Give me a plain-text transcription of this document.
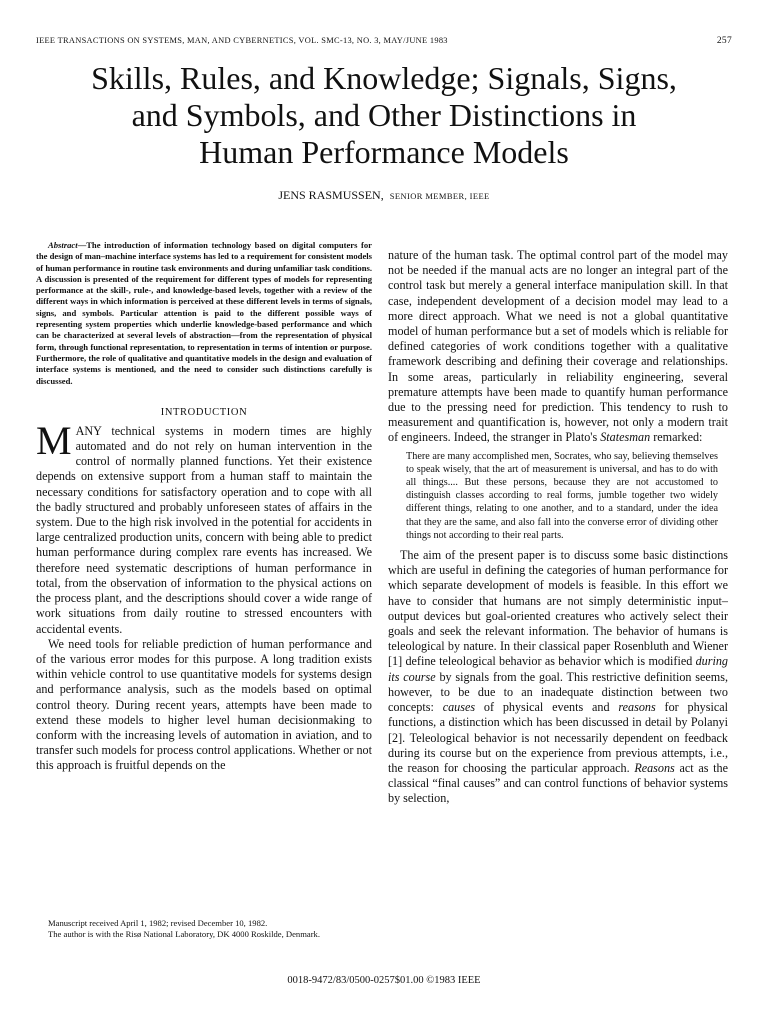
IEEE TRANSACTIONS ON SYSTEMS, MAN, AND CYBERNETICS, VOL. SMC-13, NO. 3, MAY/JUNE 1983	257
Skills, Rules, and Knowledge; Signals, Signs,
and Symbols, and Other Distinctions in
Human Performance Models
JENS RASMUSSEN, SENIOR MEMBER, IEEE

Abstract—The introduction of information technology based on digital computers for the design of man–machine interface systems has led to a requirement for consistent models of human performance in routine task environments and during unfamiliar task conditions. A discussion is presented of the requirement for different types of models for representing performance at the skill-, rule-, and knowledge-based levels, together with a review of the different ways in which information is perceived at these different levels in terms of signals, signs, and symbols. Particular attention is paid to the different possible ways of representing system properties which underlie knowledge-based performance and which can be characterized at several levels of abstraction—from the representation of physical form, through functional representation, to representation in terms of intention or purpose. Furthermore, the role of qualitative and quantitative models in the design and evaluation of interface systems is mentioned, and the need to consider such distinctions carefully is discussed.

INTRODUCTION

MANY technical systems in modern times are highly automated and do not rely on human intervention in the control of normally planned functions. Yet their existence depends on extensive support from a human staff to maintain the necessary conditions for satisfactory operation and to cope with all the badly structured and probably unforeseen states of affairs in the system. Due to the high risk involved in the potential for accidents in large centralized production units, concern with being able to predict human performance during complex rare events has increased. We therefore need systematic descriptions of human performance in total, from the observation of information to the physical actions on the process plant, and the descriptions should cover a wide range of work situations from daily routine to stressed encounters with accidental events.

We need tools for reliable prediction of human performance and of the various error modes for this purpose. A long tradition exists within vehicle control to use quantitative models for systems design and performance analysis, such as the models based on optimal control theory. During recent years, attempts have been made to extend these models to higher level human decisionmaking to conform with the increasing levels of automation in aviation, and to transfer such models for process control applications. Whether or not this approach is fruitful depends on the

nature of the human task. The optimal control part of the model may not be needed if the manual acts are no longer an integral part of the control task but merely a general interface manipulation skill. In that case, independent development of a decision model may lead to a more direct approach. What we need is not a global quantitative model of human performance but a set of models which is reliable for defined categories of work conditions together with a qualitative framework describing and defining their coverage and relationships. In some areas, particularly in reliability engineering, several premature attempts have been made to quantify human performance due to the pressing need for prediction. This tendency to rush to measurement and quantification is, however, not only a modern trait of engineers. Indeed, the stranger in Plato's Statesman remarked:

There are many accomplished men, Socrates, who say, believing themselves to speak wisely, that the art of measurement is universal, and has to do with all things.... But these persons, because they are not accustomed to distinguish classes according to real forms, jumble together two widely different things, relating to one another, and to a standard, under the idea that they are the same, and also fall into the converse error of dividing other things not according to their real parts.

The aim of the present paper is to discuss some basic distinctions which are useful in defining the categories of human performance for which separate development of models is feasible. In this effort we have to consider that humans are not simply deterministic input–output devices but goal-oriented creatures who actively select their goals and seek the relevant information. The behavior of humans is teleological by nature. In their classical paper Rosenbluth and Wiener [1] define teleological behavior as behavior which is modified during its course by signals from the goal. This restrictive definition seems, however, to be due to an inadequate distinction between two concepts: causes of physical events and reasons for physical functions, a distinction which has been discussed in detail by Polanyi [2]. Teleological behavior is not necessarily dependent on feedback during its course but on the experience from previous attempts, i.e., the reason for choosing the particular approach. Reasons act as the classical “final causes” and can control functions of behavior systems by selection,

Manuscript received April 1, 1982; revised December 10, 1982.
The author is with the Risø National Laboratory, DK 4000 Roskilde, Denmark.
0018-9472/83/0500-0257$01.00 ©1983 IEEE
